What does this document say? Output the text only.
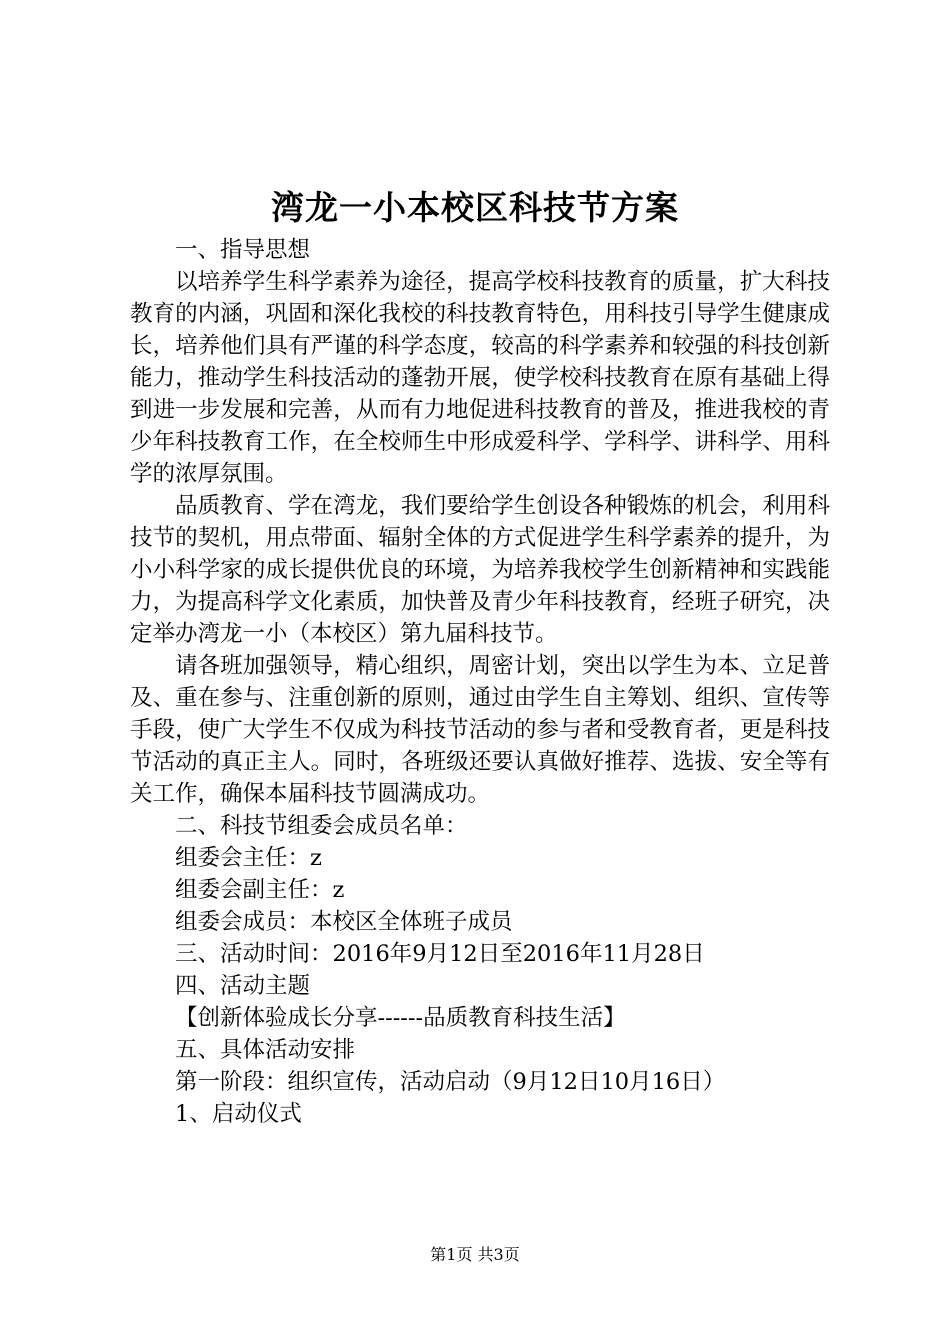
湾龙一小本校区科技节方案

一、指导思想

以培养学生科学素养为途径，提高学校科技教育的质量，扩大科技教育的内涵，巩固和深化我校的科技教育特色，用科技引导学生健康成长，培养他们具有严谨的科学态度，较高的科学素养和较强的科技创新能力，推动学生科技活动的蓬勃开展，使学校科技教育在原有基础上得到进一步发展和完善，从而有力地促进科技教育的普及，推进我校的青少年科技教育工作，在全校师生中形成爱科学、学科学、讲科学、用科学的浓厚氛围。

品质教育、学在湾龙，我们要给学生创设各种锻炼的机会，利用科技节的契机，用点带面、辐射全体的方式促进学生科学素养的提升，为小小科学家的成长提供优良的环境，为培养我校学生创新精神和实践能力，为提高科学文化素质，加快普及青少年科技教育，经班子研究，决定举办湾龙一小（本校区）第九届科技节。

请各班加强领导，精心组织，周密计划，突出以学生为本、立足普及、重在参与、注重创新的原则，通过由学生自主筹划、组织、宣传等手段，使广大学生不仅成为科技节活动的参与者和受教育者，更是科技节活动的真正主人。同时，各班级还要认真做好推荐、选拔、安全等有关工作，确保本届科技节圆满成功。

二、科技节组委会成员名单：

组委会主任：z

组委会副主任：z

组委会成员：本校区全体班子成员

三、活动时间：2016年9月12日至2016年11月28日

四、活动主题

【创新体验成长分享------品质教育科技生活】

五、具体活动安排

第一阶段：组织宣传，活动启动（9月12日10月16日）

1、启动仪式

第1页 共3页
